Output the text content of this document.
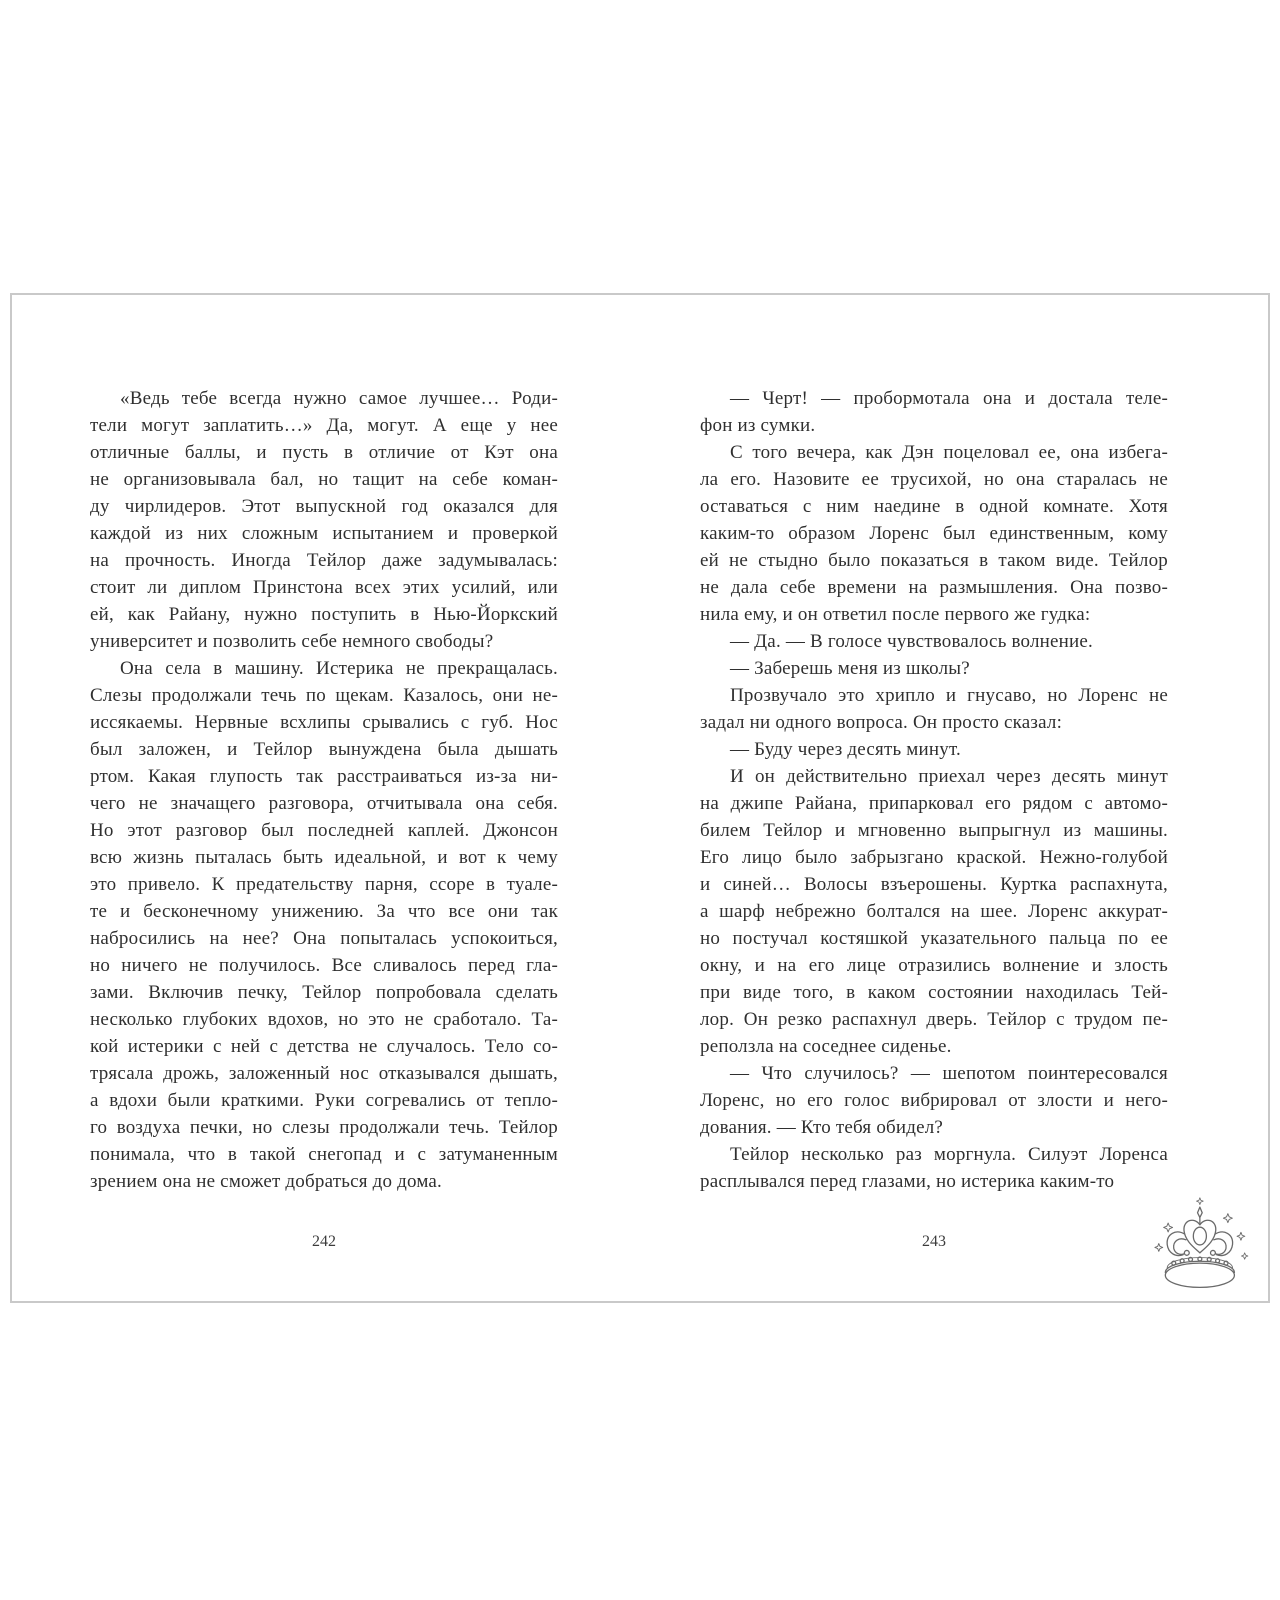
«Ведь тебе всегда нужно самое лучшее… Роди-
тели могут заплатить…» Да, могут. А еще у нее
отличные баллы, и пусть в отличие от Кэт она
не организовывала бал, но тащит на себе коман-
ду чирлидеров. Этот выпускной год оказался для
каждой из них сложным испытанием и проверкой
на прочность. Иногда Тейлор даже задумывалась:
стоит ли диплом Принстона всех этих усилий, или
ей, как Райану, нужно поступить в Нью-Йоркский
университет и позволить себе немного свободы?
Она села в машину. Истерика не прекращалась.
Слезы продолжали течь по щекам. Казалось, они не-
иссякаемы. Нервные всхлипы срывались с губ. Нос
был заложен, и Тейлор вынуждена была дышать
ртом. Какая глупость так расстраиваться из-за ни-
чего не значащего разговора, отчитывала она себя.
Но этот разговор был последней каплей. Джонсон
всю жизнь пыталась быть идеальной, и вот к чему
это привело. К предательству парня, ссоре в туале-
те и бесконечному унижению. За что все они так
набросились на нее? Она попыталась успокоиться,
но ничего не получилось. Все сливалось перед гла-
зами. Включив печку, Тейлор попробовала сделать
несколько глубоких вдохов, но это не сработало. Та-
кой истерики с ней с детства не случалось. Тело со-
трясала дрожь, заложенный нос отказывался дышать,
а вдохи были краткими. Руки согревались от тепло-
го воздуха печки, но слезы продолжали течь. Тейлор
понимала, что в такой снегопад и с затуманенным
зрением она не сможет добраться до дома.
— Черт! — пробормотала она и достала теле-
фон из сумки.
С того вечера, как Дэн поцеловал ее, она избега-
ла его. Назовите ее трусихой, но она старалась не
оставаться с ним наедине в одной комнате. Хотя
каким-то образом Лоренс был единственным, кому
ей не стыдно было показаться в таком виде. Тейлор
не дала себе времени на размышления. Она позво-
нила ему, и он ответил после первого же гудка:
— Да. — В голосе чувствовалось волнение.
— Заберешь меня из школы?
Прозвучало это хрипло и гнусаво, но Лоренс не
задал ни одного вопроса. Он просто сказал:
— Буду через десять минут.
И он действительно приехал через десять минут
на джипе Райана, припарковал его рядом с автомо-
билем Тейлор и мгновенно выпрыгнул из машины.
Его лицо было забрызгано краской. Нежно-голубой
и синей… Волосы взъерошены. Куртка распахнута,
а шарф небрежно болтался на шее. Лоренс аккурат-
но постучал костяшкой указательного пальца по ее
окну, и на его лице отразились волнение и злость
при виде того, в каком состоянии находилась Тей-
лор. Он резко распахнул дверь. Тейлор с трудом пе-
реползла на соседнее сиденье.
— Что случилось? — шепотом поинтересовался
Лоренс, но его голос вибрировал от злости и него-
дования. — Кто тебя обидел?
Тейлор несколько раз моргнула. Силуэт Лоренса
расплывался перед глазами, но истерика каким-то
242	243
